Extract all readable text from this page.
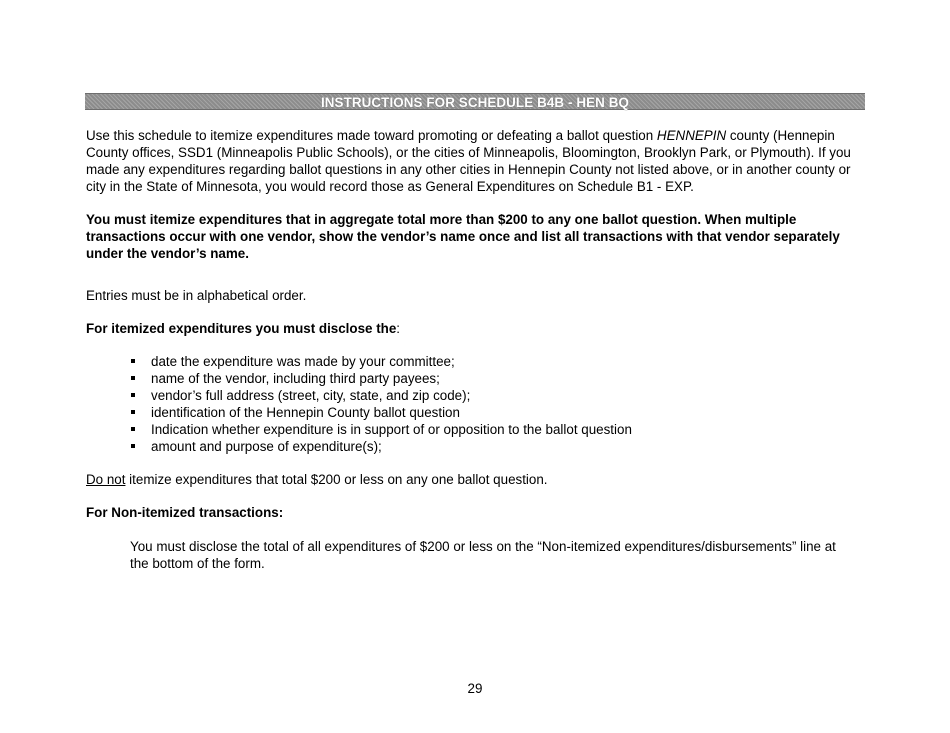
INSTRUCTIONS FOR SCHEDULE B4B - HEN BQ

Use this schedule to itemize expenditures made toward promoting or defeating a ballot question HENNEPIN county (Hennepin County offices, SSD1 (Minneapolis Public Schools), or the cities of Minneapolis, Bloomington, Brooklyn Park, or Plymouth). If you made any expenditures regarding ballot questions in any other cities in Hennepin County not listed above, or in another county or city in the State of Minnesota, you would record those as General Expenditures on Schedule B1 - EXP.

You must itemize expenditures that in aggregate total more than $200 to any one ballot question. When multiple transactions occur with one vendor, show the vendor’s name once and list all transactions with that vendor separately under the vendor’s name.

Entries must be in alphabetical order.

For itemized expenditures you must disclose the:

date the expenditure was made by your committee;
name of the vendor, including third party payees;
vendor’s full address (street, city, state, and zip code);
identification of the Hennepin County ballot question
Indication whether expenditure is in support of or opposition to the ballot question
amount and purpose of expenditure(s);

Do not itemize expenditures that total $200 or less on any one ballot question.

For Non-itemized transactions:

You must disclose the total of all expenditures of $200 or less on the “Non-itemized expenditures/disbursements” line at the bottom of the form.

29
